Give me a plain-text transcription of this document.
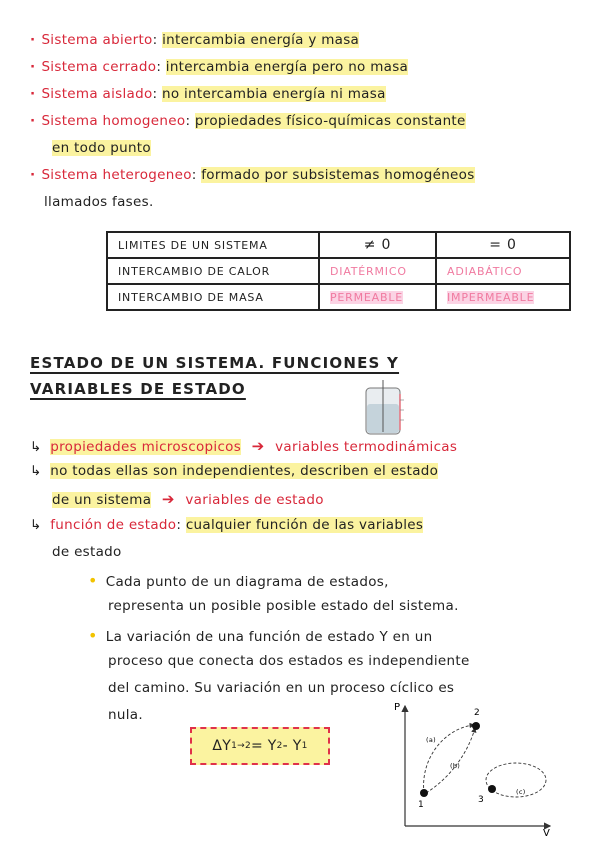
· Sistema abierto: intercambia energía y masa
· Sistema cerrado: intercambia energía pero no masa
· Sistema aislado: no intercambia energía ni masa
· Sistema homogeneo: propiedades físico-químicas constante
en todo punto
· Sistema heterogeneo: formado por subsistemas homogéneos
llamados fases.
LIMITES DE UN SISTEMA	≠ 0	= 0
INTERCAMBIO DE CALOR	DIATÉRMICO	ADIABÁTICO
INTERCAMBIO DE MASA	PERMEABLE	IMPERMEABLE
ESTADO DE UN SISTEMA. FUNCIONES Y
VARIABLES DE ESTADO
↳ propiedades microscopicos ➔ variables termodinámicas
↳ no todas ellas son independientes, describen el estado
de un sistema ➔ variables de estado
↳ función de estado: cualquier función de las variables
de estado
• Cada punto de un diagrama de estados,
representa un posible posible estado del sistema.
• La variación de una función de estado Y en un
proceso que conecta dos estados es independiente
del camino. Su variación en un proceso cíclico es
nula.
ΔY 1→2 = Y 2 - Y 1
P
V
1
2
3
(a)
(b)
(c)
